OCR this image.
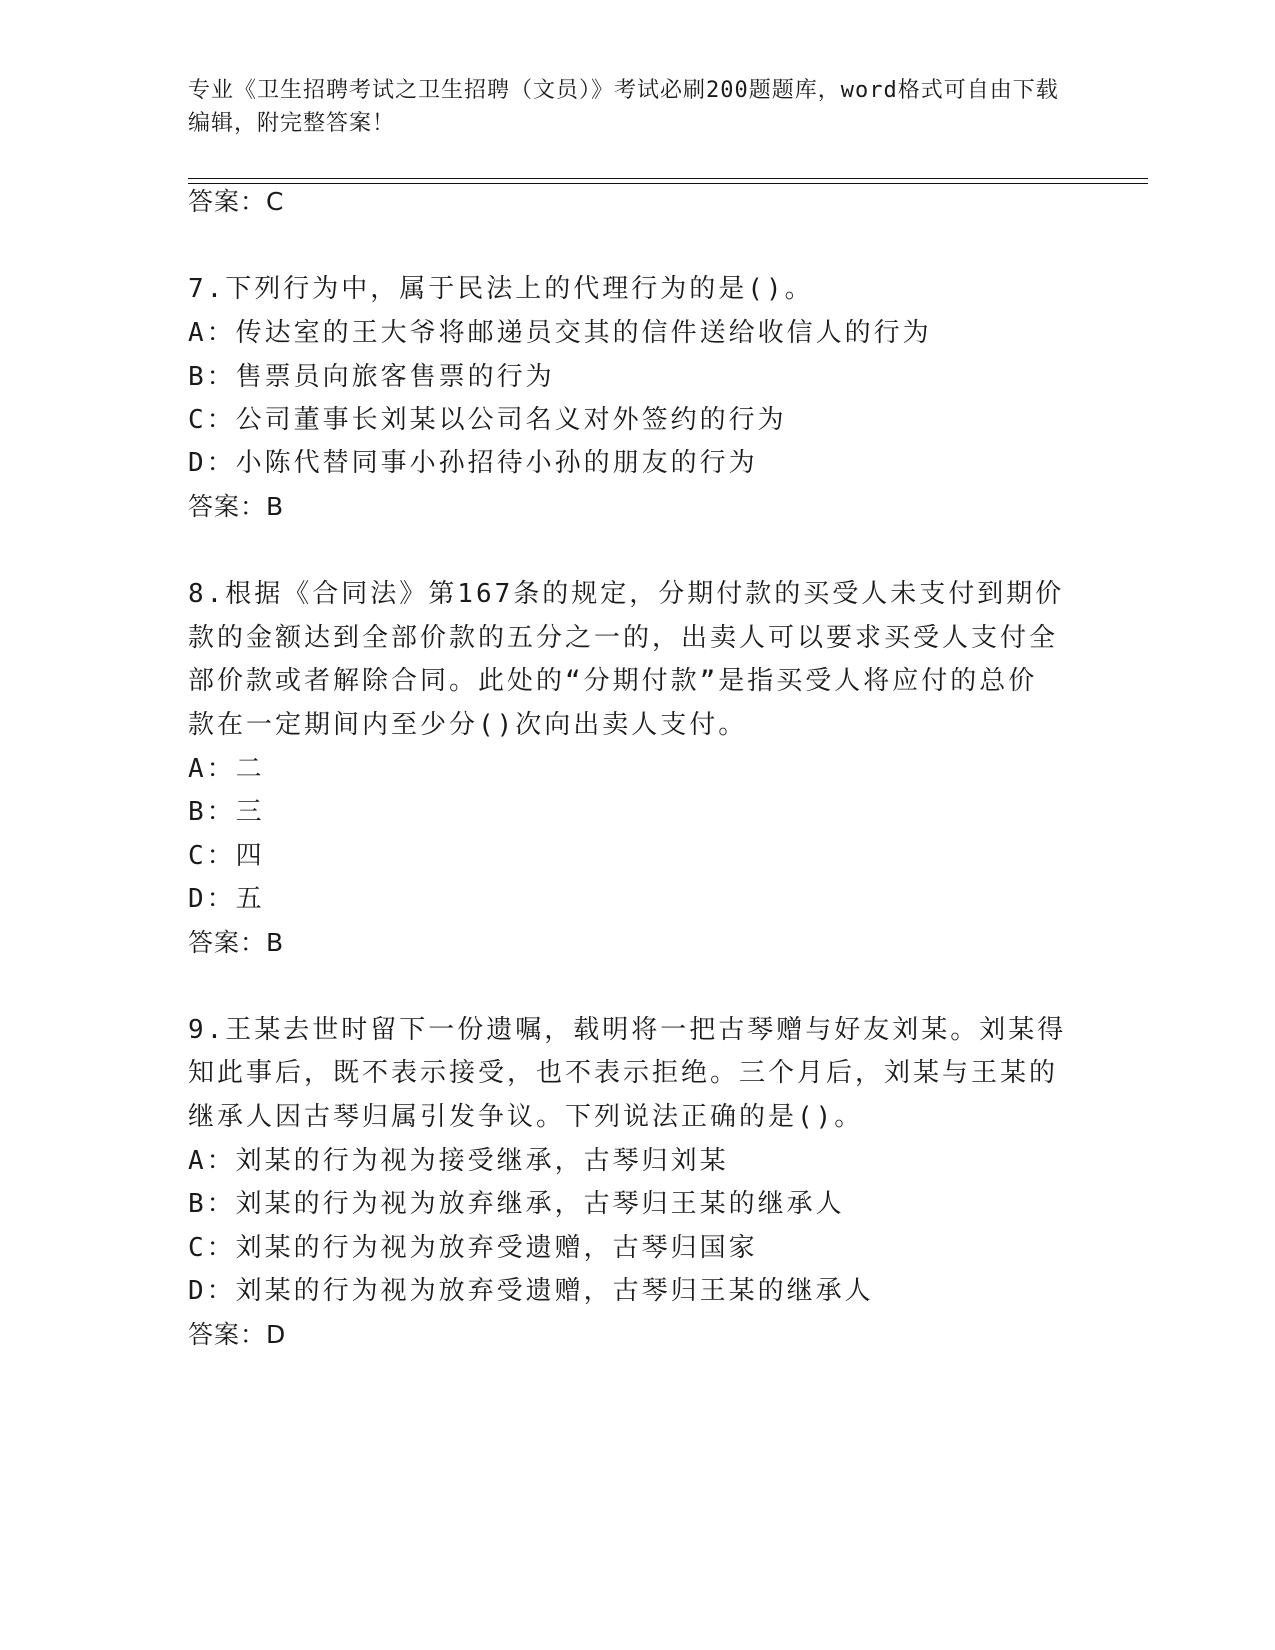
专业《卫生招聘考试之卫生招聘（文员）》考试必刷200题题库，word格式可自由下载编辑，附完整答案！
答案：C
7.下列行为中，属于民法上的代理行为的是()。
A：传达室的王大爷将邮递员交其的信件送给收信人的行为
B：售票员向旅客售票的行为
C：公司董事长刘某以公司名义对外签约的行为
D：小陈代替同事小孙招待小孙的朋友的行为
答案：B
8.根据《合同法》第167条的规定，分期付款的买受人未支付到期价
款的金额达到全部价款的五分之一的，出卖人可以要求买受人支付全
部价款或者解除合同。此处的“分期付款”是指买受人将应付的总价
款在一定期间内至少分()次向出卖人支付。
A：二
B：三
C：四
D：五
答案：B
9.王某去世时留下一份遗嘱，载明将一把古琴赠与好友刘某。刘某得
知此事后，既不表示接受，也不表示拒绝。三个月后，刘某与王某的
继承人因古琴归属引发争议。下列说法正确的是()。
A：刘某的行为视为接受继承，古琴归刘某
B：刘某的行为视为放弃继承，古琴归王某的继承人
C：刘某的行为视为放弃受遗赠，古琴归国家
D：刘某的行为视为放弃受遗赠，古琴归王某的继承人
答案：D
